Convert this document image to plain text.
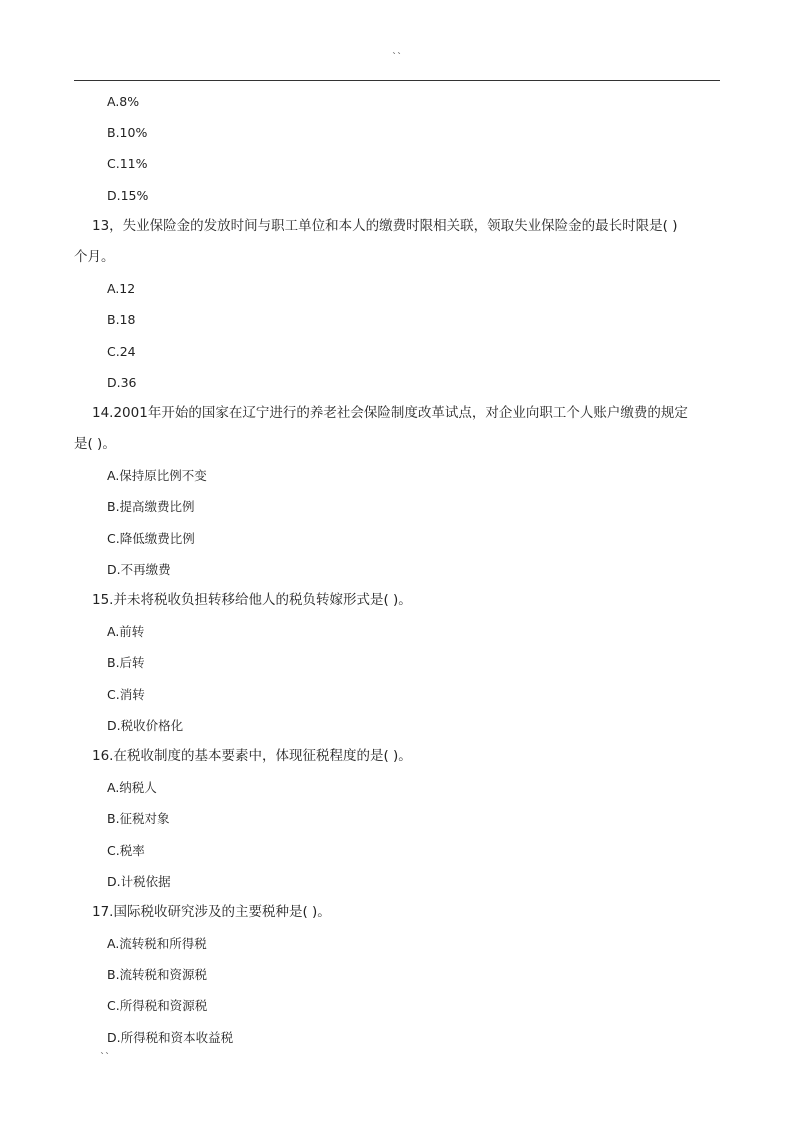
``
A.8%
B.10%
C.11%
D.15%
13，失业保险金的发放时间与职工单位和本人的缴费时限相关联，领取失业保险金的最长时限是( )
个月。
A.12
B.18
C.24
D.36
14.2001年开始的国家在辽宁进行的养老社会保险制度改革试点，对企业向职工个人账户缴费的规定
是( )。
A.保持原比例不变
B.提高缴费比例
C.降低缴费比例
D.不再缴费
15.并未将税收负担转移给他人的税负转嫁形式是( )。
A.前转
B.后转
C.消转
D.税收价格化
16.在税收制度的基本要素中，体现征税程度的是( )。
A.纳税人
B.征税对象
C.税率
D.计税依据
17.国际税收研究涉及的主要税种是( )。
A.流转税和所得税
B.流转税和资源税
C.所得税和资源税
D.所得税和资本收益税
``
